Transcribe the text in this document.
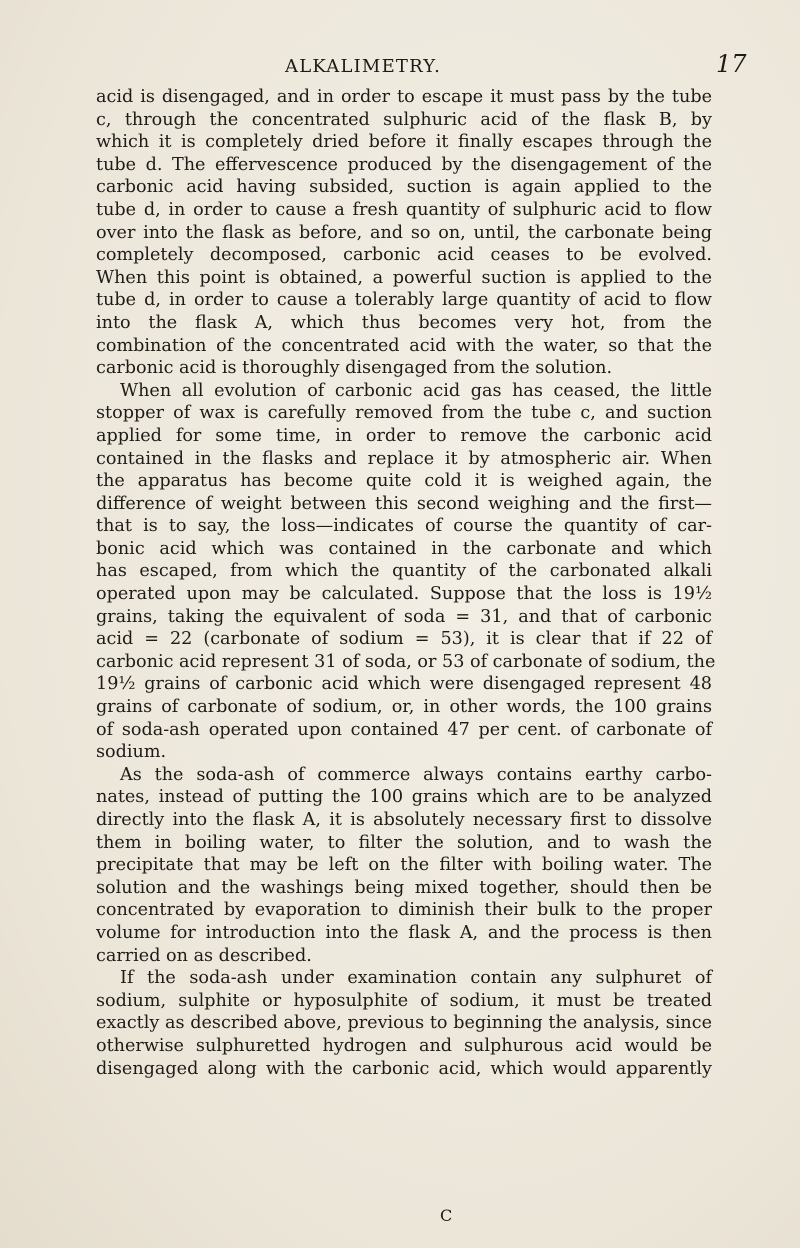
ALKALIMETRY.	17
acid is disengaged, and in order to escape it must pass by the tube
c, through the concentrated sulphuric acid of the flask B, by
which it is completely dried before it finally escapes through the
tube d. The effervescence produced by the disengagement of the
carbonic acid having subsided, suction is again applied to the
tube d, in order to cause a fresh quantity of sulphuric acid to flow
over into the flask as before, and so on, until, the carbonate being
completely decomposed, carbonic acid ceases to be evolved.
When this point is obtained, a powerful suction is applied to the
tube d, in order to cause a tolerably large quantity of acid to flow
into the flask A, which thus becomes very hot, from the
combination of the concentrated acid with the water, so that the
carbonic acid is thoroughly disengaged from the solution.
When all evolution of carbonic acid gas has ceased, the little
stopper of wax is carefully removed from the tube c, and suction
applied for some time, in order to remove the carbonic acid
contained in the flasks and replace it by atmospheric air. When
the apparatus has become quite cold it is weighed again, the
difference of weight between this second weighing and the first—
that is to say, the loss—indicates of course the quantity of car-
bonic acid which was contained in the carbonate and which
has escaped, from which the quantity of the carbonated alkali
operated upon may be calculated. Suppose that the loss is 19½
grains, taking the equivalent of soda = 31, and that of carbonic
acid = 22 (carbonate of sodium = 53), it is clear that if 22 of
carbonic acid represent 31 of soda, or 53 of carbonate of sodium, the
19½ grains of carbonic acid which were disengaged represent 48
grains of carbonate of sodium, or, in other words, the 100 grains
of soda-ash operated upon contained 47 per cent. of carbonate of
sodium.
As the soda-ash of commerce always contains earthy carbo-
nates, instead of putting the 100 grains which are to be analyzed
directly into the flask A, it is absolutely necessary first to dissolve
them in boiling water, to filter the solution, and to wash the
precipitate that may be left on the filter with boiling water. The
solution and the washings being mixed together, should then be
concentrated by evaporation to diminish their bulk to the proper
volume for introduction into the flask A, and the process is then
carried on as described.
If the soda-ash under examination contain any sulphuret of
sodium, sulphite or hyposulphite of sodium, it must be treated
exactly as described above, previous to beginning the analysis, since
otherwise sulphuretted hydrogen and sulphurous acid would be
disengaged along with the carbonic acid, which would apparently
C
